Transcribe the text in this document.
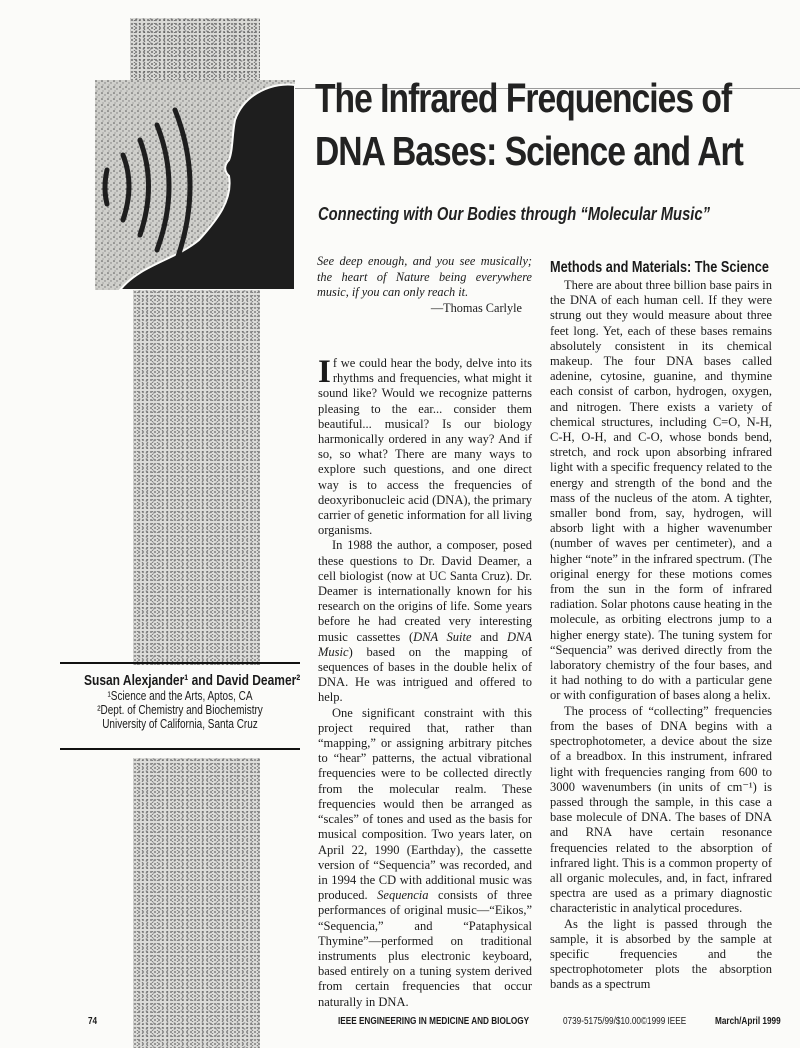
The Infrared Frequencies of
DNA Bases: Science and Art
Connecting with Our Bodies through “Molecular Music”
See deep enough, and you see musically; the heart of Nature being everywhere music, if you can only reach it.
—Thomas Carlyle

If we could hear the body, delve into its rhythms and frequencies, what might it sound like? Would we recognize patterns pleasing to the ear... consider them beautiful... musical? Is our biology harmonically ordered in any way? And if so, so what? There are many ways to explore such questions, and one direct way is to access the frequencies of deoxyribonucleic acid (DNA), the primary carrier of genetic information for all living organisms.

In 1988 the author, a composer, posed these questions to Dr. David Deamer, a cell biologist (now at UC Santa Cruz). Dr. Deamer is internationally known for his research on the origins of life. Some years before he had created very interesting music cassettes (DNA Suite and DNA Music) based on the mapping of sequences of bases in the double helix of DNA. He was intrigued and offered to help.

One significant constraint with this project required that, rather than “mapping,” or assigning arbitrary pitches to “hear” patterns, the actual vibrational frequencies were to be collected directly from the molecular realm. These frequencies would then be arranged as “scales” of tones and used as the basis for musical composition. Two years later, on April 22, 1990 (Earthday), the cassette version of “Sequencia” was recorded, and in 1994 the CD with additional music was produced. Sequencia consists of three performances of original music—“Eikos,” “Sequencia,” and “Pataphysical Thymine”—performed on traditional instruments plus electronic keyboard, based entirely on a tuning system derived from certain frequencies that occur naturally in DNA.

Methods and Materials: The Science

There are about three billion base pairs in the DNA of each human cell. If they were strung out they would measure about three feet long. Yet, each of these bases remains absolutely consistent in its chemical makeup. The four DNA bases called adenine, cytosine, guanine, and thymine each consist of carbon, hydrogen, oxygen, and nitrogen. There exists a variety of chemical structures, including C=O, N-H, C-H, O-H, and C-O, whose bonds bend, stretch, and rock upon absorbing infrared light with a specific frequency related to the energy and strength of the bond and the mass of the nucleus of the atom. A tighter, smaller bond from, say, hydrogen, will absorb light with a higher wavenumber (number of waves per centimeter), and a higher “note” in the infrared spectrum. (The original energy for these motions comes from the sun in the form of infrared radiation. Solar photons cause heating in the molecule, as orbiting electrons jump to a higher energy state). The tuning system for “Sequencia” was derived directly from the laboratory chemistry of the four bases, and it had nothing to do with a particular gene or with configuration of bases along a helix.

The process of “collecting” frequencies from the bases of DNA begins with a spectrophotometer, a device about the size of a breadbox. In this instrument, infrared light with frequencies ranging from 600 to 3000 wavenumbers (in units of cm⁻¹) is passed through the sample, in this case a base molecule of DNA. The bases of DNA and RNA have certain resonance frequencies related to the absorption of infrared light. This is a common property of all organic molecules, and, in fact, infrared spectra are used as a primary diagnostic characteristic in analytical procedures.

As the light is passed through the sample, it is absorbed by the sample at specific frequencies and the spectrophotometer plots the absorption bands as a spectrum

Susan Alexjander¹ and David Deamer²
¹Science and the Arts, Aptos, CA
²Dept. of Chemistry and Biochemistry
University of California, Santa Cruz
74	IEEE ENGINEERING IN MEDICINE AND BIOLOGY	0739-5175/99/$10.00©1999 IEEE	March/April 1999
